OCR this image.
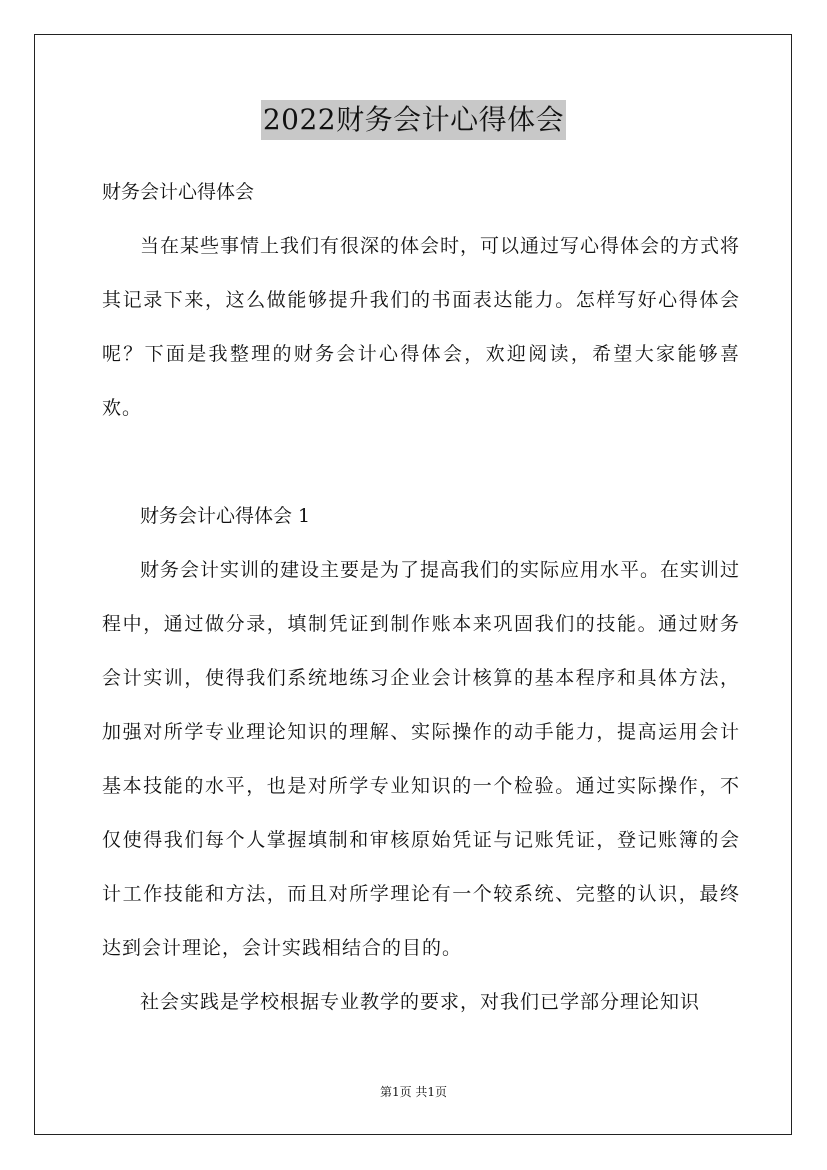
2022财务会计心得体会

财务会计心得体会

当在某些事情上我们有很深的体会时，可以通过写心得体会的方式将其记录下来，这么做能够提升我们的书面表达能力。怎样写好心得体会呢？下面是我整理的财务会计心得体会，欢迎阅读，希望大家能够喜欢。

财务会计心得体会 1

财务会计实训的建设主要是为了提高我们的实际应用水平。在实训过程中，通过做分录，填制凭证到制作账本来巩固我们的技能。通过财务会计实训，使得我们系统地练习企业会计核算的基本程序和具体方法，加强对所学专业理论知识的理解、实际操作的动手能力，提高运用会计基本技能的水平，也是对所学专业知识的一个检验。通过实际操作，不仅使得我们每个人掌握填制和审核原始凭证与记账凭证，登记账簿的会计工作技能和方法，而且对所学理论有一个较系统、完整的认识，最终达到会计理论，会计实践相结合的目的。

社会实践是学校根据专业教学的要求，对我们已学部分理论知识

第1页 共1页
